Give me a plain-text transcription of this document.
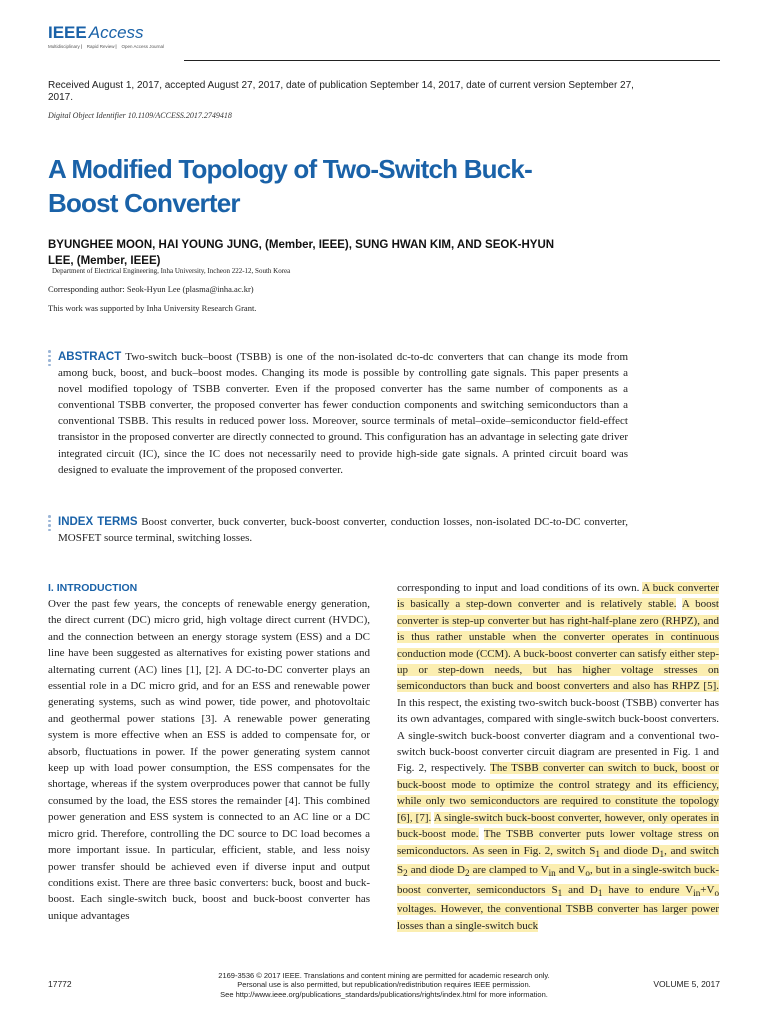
IEEE Access
Multidisciplinary ⎸ Rapid Review ⎸ Open Access Journal
Received August 1, 2017, accepted August 27, 2017, date of publication September 14, 2017, date of current version September 27, 2017.
Digital Object Identifier 10.1109/ACCESS.2017.2749418
A Modified Topology of Two-Switch Buck-Boost Converter
BYUNGHEE MOON, HAI YOUNG JUNG, (Member, IEEE), SUNG HWAN KIM, AND SEOK-HYUN LEE, (Member, IEEE)
Department of Electrical Engineering, Inha University, Incheon 222-12, South Korea
Corresponding author: Seok-Hyun Lee (plasma@inha.ac.kr)
This work was supported by Inha University Research Grant.
ABSTRACT Two-switch buck–boost (TSBB) is one of the non-isolated dc-to-dc converters that can change its mode from among buck, boost, and buck–boost modes. Changing its mode is possible by controlling gate signals. This paper presents a novel modified topology of TSBB converter. Even if the proposed converter has the same number of components as a conventional TSBB converter, the proposed converter has fewer conduction components and switching semiconductors than a conventional TSBB. This results in reduced power loss. Moreover, source terminals of metal–oxide–semiconductor field-effect transistor in the proposed converter are directly connected to ground. This configuration has an advantage in selecting gate driver integrated circuit (IC), since the IC does not necessarily need to provide high-side gate signals. A printed circuit board was designed to evaluate the improvement of the proposed converter.
INDEX TERMS Boost converter, buck converter, buck-boost converter, conduction losses, non-isolated DC-to-DC converter, MOSFET source terminal, switching losses.
I. INTRODUCTION

Over the past few years, the concepts of renewable energy generation, the direct current (DC) micro grid, high voltage direct current (HVDC), and the connection between an energy storage system (ESS) and a DC line have been suggested as alternatives for existing power stations and alternating current (AC) lines [1], [2]. A DC-to-DC converter plays an essential role in a DC micro grid, and for an ESS and renewable power generating systems, such as wind power, tide power, and photovoltaic and geothermal power stations [3]. A renewable power generating system is more effective when an ESS is added to compensate for, or absorb, fluctuations in power. If the power generating system cannot keep up with load power consumption, the ESS compensates for the shortage, whereas if the system overproduces power that cannot be fully consumed by the load, the ESS stores the remainder [4]. This combined power generation and ESS system is connected to an AC line or a DC micro grid. Therefore, controlling the DC source to DC load becomes a more important issue. In particular, efficient, stable, and less noisy power transfer should be achieved even if diverse input and output conditions exist. There are three basic converters: buck, boost and buck-boost. Each single-switch buck, boost and buck-boost converter has unique advantages

corresponding to input and load conditions of its own. A buck converter is basically a step-down converter and is relatively stable. A boost converter is step-up converter but has right-half-plane zero (RHPZ), and is thus rather unstable when the converter operates in continuous conduction mode (CCM). A buck-boost converter can satisfy either step-up or step-down needs, but has higher voltage stresses on semiconductors than buck and boost converters and also has RHPZ [5]. In this respect, the existing two-switch buck-boost (TSBB) converter has its own advantages, compared with single-switch buck-boost converters. A single-switch buck-boost converter diagram and a conventional two-switch buck-boost converter circuit diagram are presented in Fig. 1 and Fig. 2, respectively. The TSBB converter can switch to buck, boost or buck-boost mode to optimize the control strategy and its efficiency, while only two semiconductors are required to constitute the topology [6], [7]. A single-switch buck-boost converter, however, only operates in buck-boost mode. The TSBB converter puts lower voltage stress on semiconductors. As seen in Fig. 2, switch $S_1$ and diode $D_1$, and switch $S_2$ and diode $D_2$ are clamped to $V_{in}$ and $V_o$, but in a single-switch buck-boost converter, semiconductors $S_1$ and $D_1$ have to endure $V_{in}+V_o$ voltages. However, the conventional TSBB converter has larger power losses than a single-switch buck

17772
2169-3536 © 2017 IEEE. Translations and content mining are permitted for academic research only.
Personal use is also permitted, but republication/redistribution requires IEEE permission.
See http://www.ieee.org/publications_standards/publications/rights/index.html for more information.
VOLUME 5, 2017
